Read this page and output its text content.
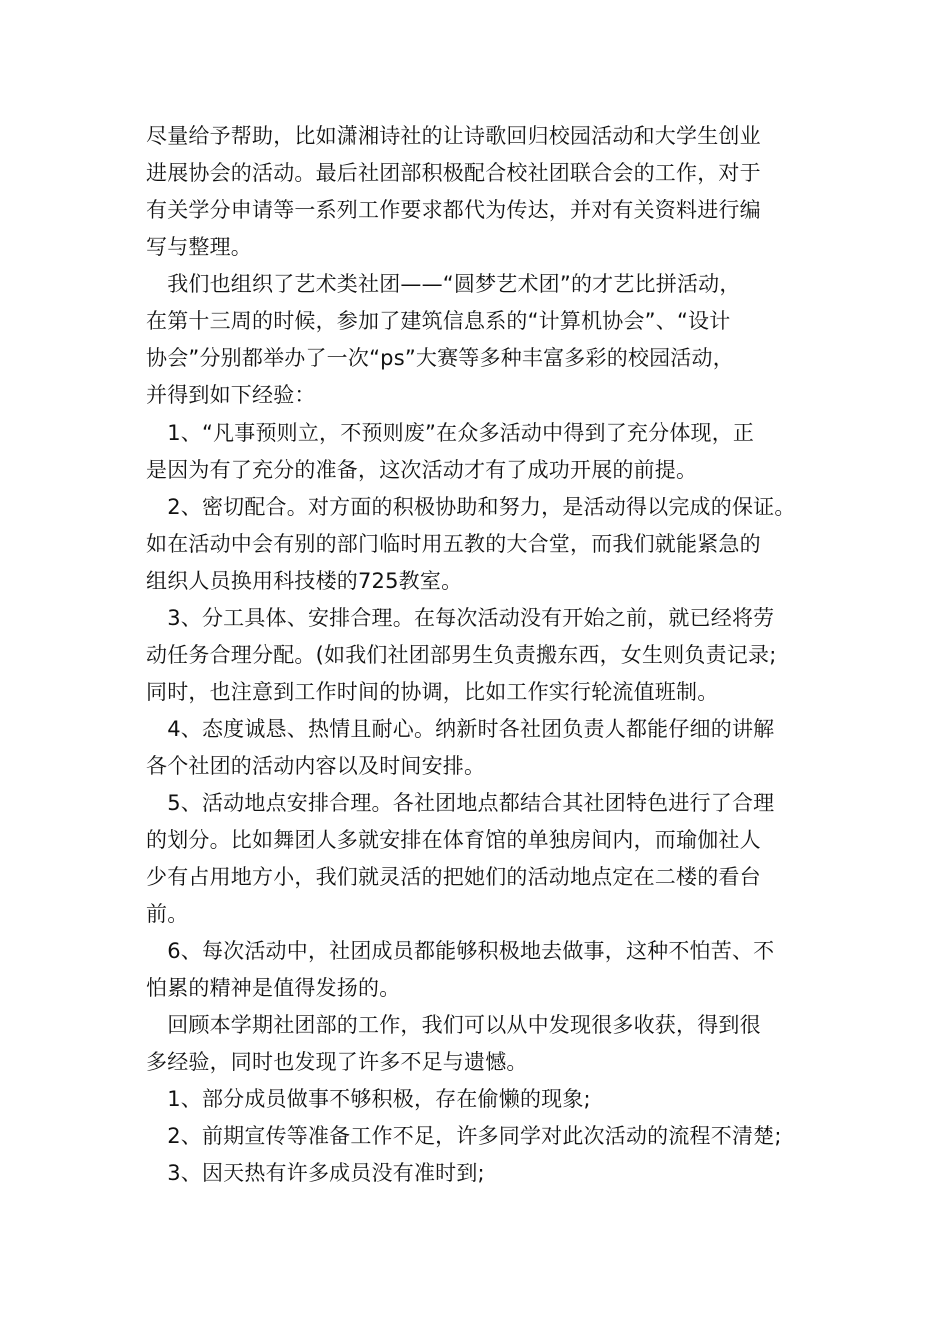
尽量给予帮助，比如潇湘诗社的让诗歌回归校园活动和大学生创业
进展协会的活动。最后社团部积极配合校社团联合会的工作，对于
有关学分申请等一系列工作要求都代为传达，并对有关资料进行编
写与整理。
　我们也组织了艺术类社团——“圆梦艺术团”的才艺比拼活动，
在第十三周的时候，参加了建筑信息系的“计算机协会”、“设计
协会”分别都举办了一次“ps”大赛等多种丰富多彩的校园活动，
并得到如下经验：
　1、“凡事预则立，不预则废”在众多活动中得到了充分体现，正
是因为有了充分的准备，这次活动才有了成功开展的前提。
　2、密切配合。对方面的积极协助和努力，是活动得以完成的保证。
如在活动中会有别的部门临时用五教的大合堂，而我们就能紧急的
组织人员换用科技楼的725教室。
　3、分工具体、安排合理。在每次活动没有开始之前，就已经将劳
动任务合理分配。(如我们社团部男生负责搬东西，女生则负责记录;
同时，也注意到工作时间的协调，比如工作实行轮流值班制。
　4、态度诚恳、热情且耐心。纳新时各社团负责人都能仔细的讲解
各个社团的活动内容以及时间安排。
　5、活动地点安排合理。各社团地点都结合其社团特色进行了合理
的划分。比如舞团人多就安排在体育馆的单独房间内，而瑜伽社人
少有占用地方小，我们就灵活的把她们的活动地点定在二楼的看台
前。
　6、每次活动中，社团成员都能够积极地去做事，这种不怕苦、不
怕累的精神是值得发扬的。
　回顾本学期社团部的工作，我们可以从中发现很多收获，得到很
多经验，同时也发现了许多不足与遗憾。
　1、部分成员做事不够积极，存在偷懒的现象;
　2、前期宣传等准备工作不足，许多同学对此次活动的流程不清楚;
　3、因天热有许多成员没有准时到;
